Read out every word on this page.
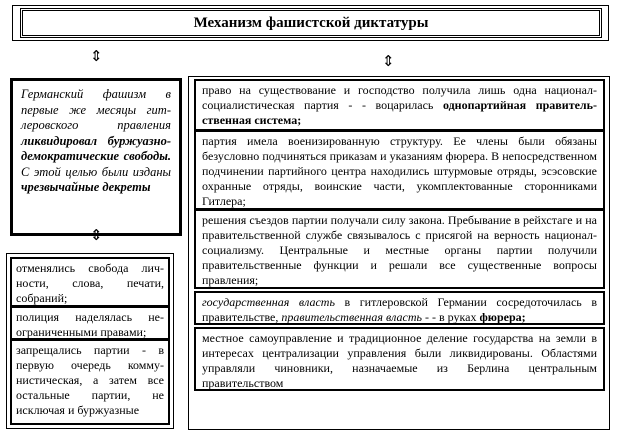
Механизм фашистской диктатуры
⇕	⇕
⇕
Германский фашизм в первые же месяцы гитлеровского правления ликвидировал буржуазно-демократические свободы. С этой целью были изданы чрезвычайные декреты
отменялись свобода личности, слова, печати, собраний;
полиция наделялась неограниченными правами;
запрещались партии - в первую очередь коммунистическая, а затем все остальные партии, не исключая и буржуазные
право на существование и господство получила лишь одна национал-социалистическая партия - - воцарилась однопартийная правительственная система;
партия имела военизированную структуру. Ее члены были обязаны безусловно подчиняться приказам и указаниям фюрера. В непосредственном подчинении партийного центра находились штурмовые отряды, эсэсовские охранные отряды, воинские части, укомплектованные сторонниками Гитлера;
решения съездов партии получали силу закона. Пребывание в рейхстаге и на правительственной службе связывалось с присягой на верность национал-социализму. Центральные и местные органы партии получили правительственные функции и решали все существенные вопросы правления;
государственная власть в гитлеровской Германии сосредоточилась в правительстве, правительственная власть - - в руках фюрера;
местное самоуправление и традиционное деление государства на земли в интересах централизации управления были ликвидированы. Областями управляли чиновники, назначаемые из Берлина центральным правительством
